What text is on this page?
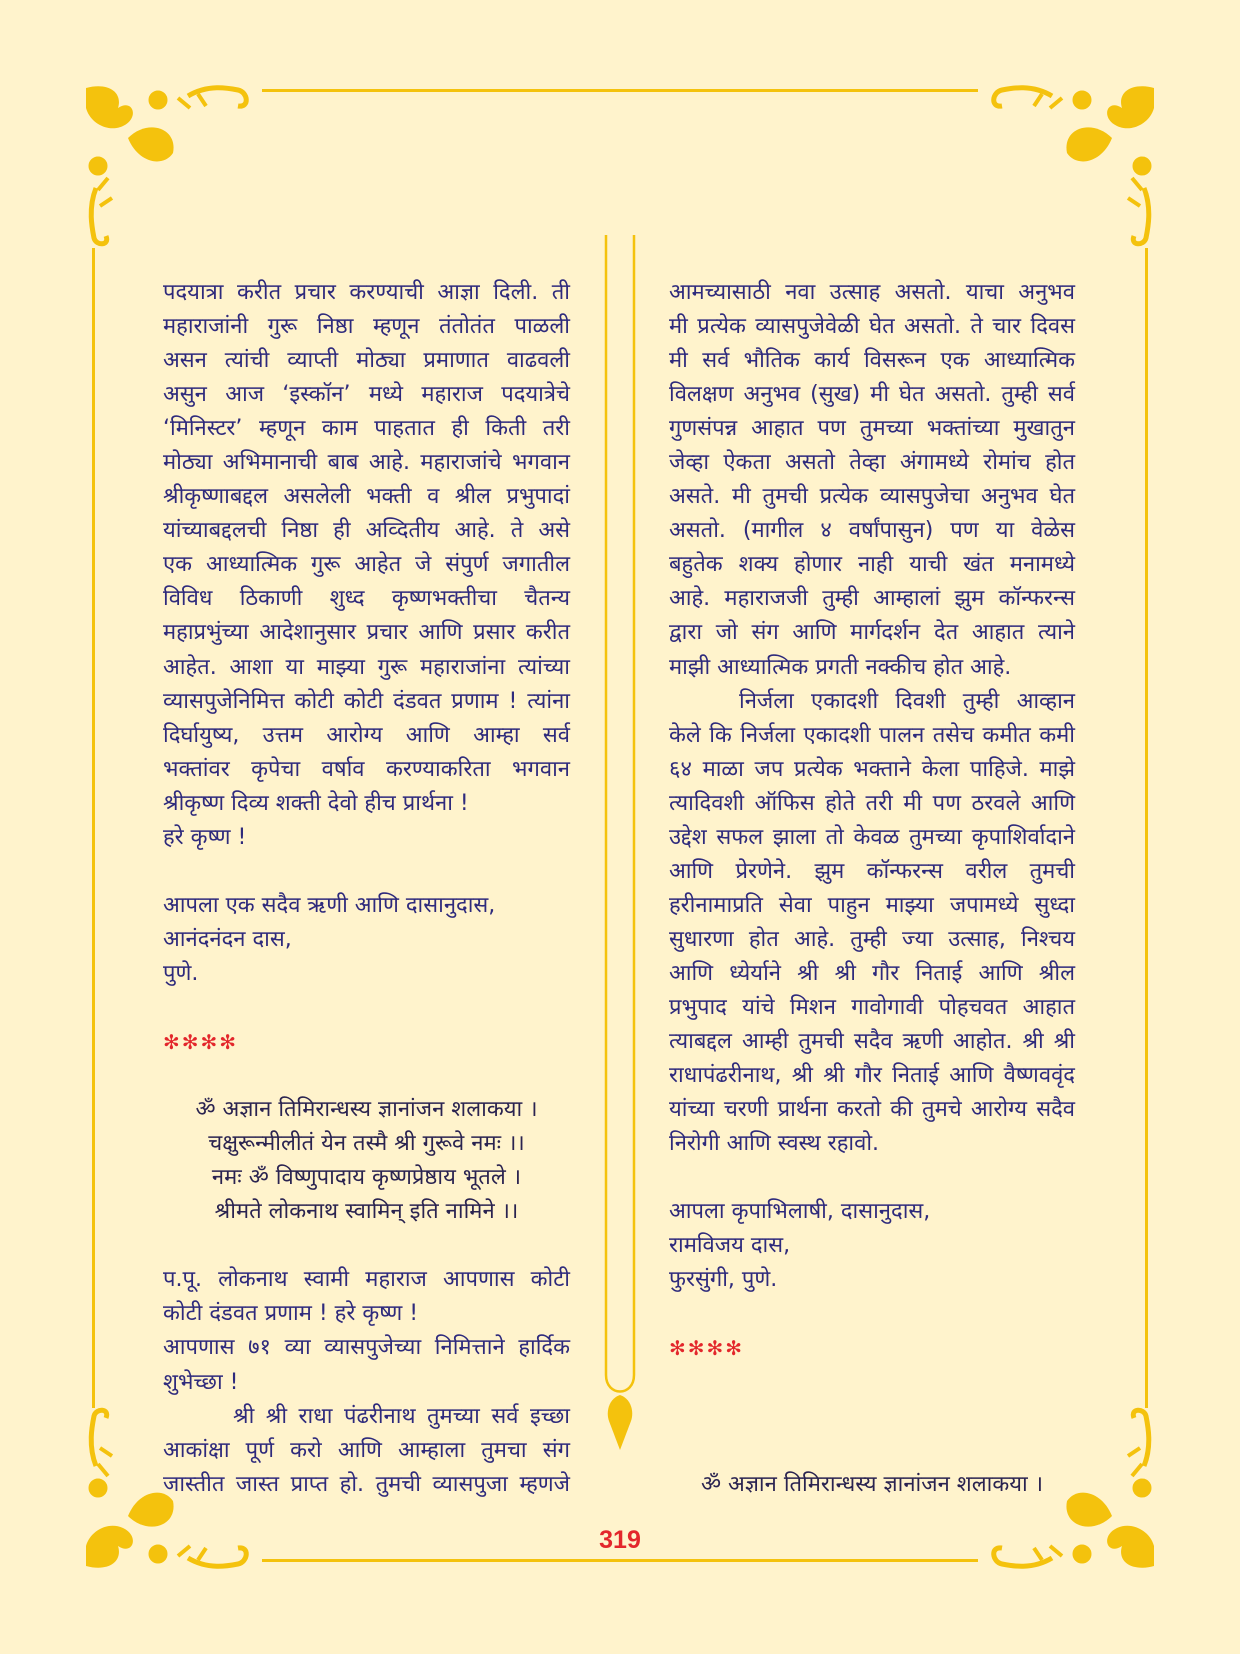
पदयात्रा करीत प्रचार करण्याची आज्ञा दिली. ती
महाराजांनी गुरू निष्ठा म्हणून तंतोतंत पाळली
असन त्यांची व्याप्ती मोठ्या प्रमाणात वाढवली
असुन आज ‘इस्कॉन’ मध्ये महाराज पदयात्रेचे
‘मिनिस्टर’ म्हणून काम पाहतात ही किती तरी
मोठ्या अभिमानाची बाब आहे. महाराजांचे भगवान
श्रीकृष्णाबद्दल असलेली भक्ती व श्रील प्रभुपादां
यांच्याबद्दलची निष्ठा ही अव्दितीय आहे. ते असे
एक आध्यात्मिक गुरू आहेत जे संपुर्ण जगातील
विविध ठिकाणी शुध्द कृष्णभक्तीचा चैतन्य
महाप्रभुंच्या आदेशानुसार प्रचार आणि प्रसार करीत
आहेत. आशा या माझ्या गुरू महाराजांना त्यांच्या
व्यासपुजेनिमित्त कोटी कोटी दंडवत प्रणाम ! त्यांना
दिर्घायुष्य, उत्तम आरोग्य आणि आम्हा सर्व
भक्तांवर कृपेचा वर्षाव करण्याकरिता भगवान
श्रीकृष्ण दिव्य शक्ती देवो हीच प्रार्थना !
हरे कृष्ण !
आपला एक सदैव ऋणी आणि दासानुदास,
आनंदनंदन दास,
पुणे.
✻✻✻✻
ॐ अज्ञान तिमिरान्धस्य ज्ञानांजन शलाकया ।
चक्षुरून्मीलीतं येन तस्मै श्री गुरूवे नमः ।।
नमः ॐ विष्णुपादाय कृष्णप्रेष्ठाय भूतले ।
श्रीमते लोकनाथ स्वामिन् इति नामिने ।।
प.पू. लोकनाथ स्वामी महाराज आपणास कोटी
कोटी दंडवत प्रणाम ! हरे कृष्ण !
आपणास ७१ व्या व्यासपुजेच्या निमित्ताने हार्दिक
शुभेच्छा !
श्री श्री राधा पंढरीनाथ तुमच्या सर्व इच्छा
आकांक्षा पूर्ण करो आणि आम्हाला तुमचा संग
जास्तीत जास्त प्राप्त हो. तुमची व्यासपुजा म्हणजे
आमच्यासाठी नवा उत्साह असतो. याचा अनुभव
मी प्रत्येक व्यासपुजेवेळी घेत असतो. ते चार दिवस
मी सर्व भौतिक कार्य विसरून एक आध्यात्मिक
विलक्षण अनुभव (सुख) मी घेत असतो. तुम्ही सर्व
गुणसंपन्न आहात पण तुमच्या भक्तांच्या मुखातुन
जेव्हा ऐकता असतो तेव्हा अंगामध्ये रोमांच होत
असते. मी तुमची प्रत्येक व्यासपुजेचा अनुभव घेत
असतो. (मागील ४ वर्षांपासुन) पण या वेळेस
बहुतेक शक्य होणार नाही याची खंत मनामध्ये
आहे. महाराजजी तुम्ही आम्हालां झुम कॉन्फरन्स
द्वारा जो संग आणि मार्गदर्शन देत आहात त्याने
माझी आध्यात्मिक प्रगती नक्कीच होत आहे.
निर्जला एकादशी दिवशी तुम्ही आव्हान
केले कि निर्जला एकादशी पालन तसेच कमीत कमी
६४ माळा जप प्रत्येक भक्ताने केला पाहिजे. माझे
त्यादिवशी ऑफिस होते तरी मी पण ठरवले आणि
उद्देश सफल झाला तो केवळ तुमच्या कृपाशिर्वादाने
आणि प्रेरणेने. झुम कॉन्फरन्स वरील तुमची
हरीनामाप्रति सेवा पाहुन माझ्या जपामध्ये सुध्दा
सुधारणा होत आहे. तुम्ही ज्या उत्साह, निश्चय
आणि ध्येर्याने श्री श्री गौर निताई आणि श्रील
प्रभुपाद यांचे मिशन गावोगावी पोहचवत आहात
त्याबद्दल आम्ही तुमची सदैव ऋणी आहोत. श्री श्री
राधापंढरीनाथ, श्री श्री गौर निताई आणि वैष्णववृंद
यांच्या चरणी प्रार्थना करतो की तुमचे आरोग्य सदैव
निरोगी आणि स्वस्थ रहावो.
आपला कृपाभिलाषी, दासानुदास,
रामविजय दास,
फुरसुंगी, पुणे.
✻✻✻✻
ॐ अज्ञान तिमिरान्धस्य ज्ञानांजन शलाकया ।
319
